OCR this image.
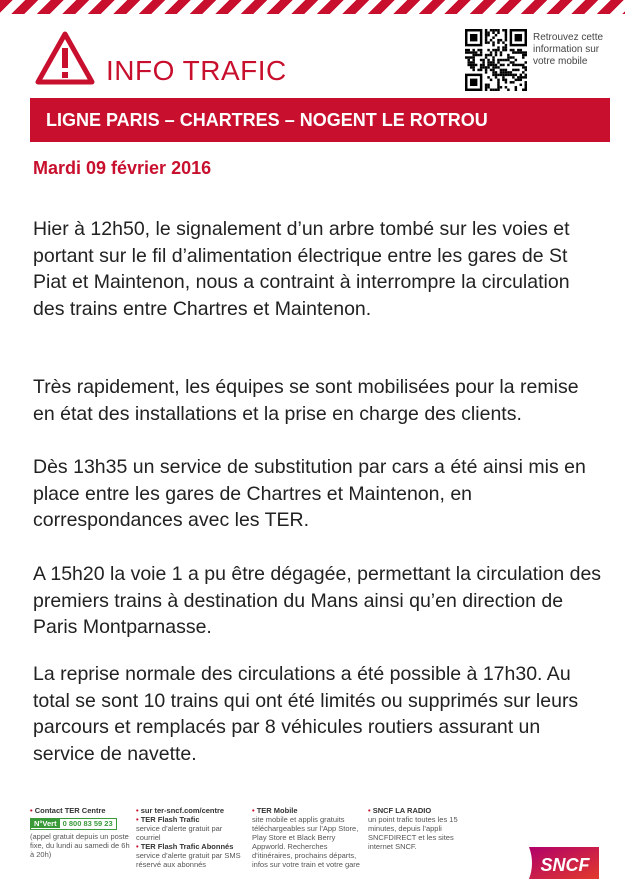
INFO TRAFIC
Retrouvez cette information sur votre mobile
LIGNE PARIS – CHARTRES – NOGENT LE ROTROU
Mardi 09 février 2016
Hier à 12h50, le signalement d’un arbre tombé sur les voies et portant sur le fil d’alimentation électrique entre les gares de St Piat et Maintenon, nous a contraint à interrompre la circulation des trains entre Chartres et Maintenon.
Très rapidement, les équipes se sont mobilisées pour la remise en état des installations et la prise en charge des clients.
Dès 13h35 un service de substitution par cars a été ainsi mis en place entre les gares de Chartres et Maintenon, en correspondances avec les TER.
A 15h20 la voie 1 a pu être dégagée, permettant la circulation des premiers trains à destination du Mans ainsi qu’en direction de Paris Montparnasse.
La reprise normale des circulations a été possible à 17h30. Au total se sont 10 trains qui ont été limités ou supprimés sur leurs parcours et remplacés par 8 véhicules routiers assurant un service de navette.
• Contact TER Centre
N°Vert 0 800 83 59 23
(appel gratuit depuis un poste fixe, du lundi au samedi de 6h à 20h)
• sur ter-sncf.com/centre
• TER Flash Trafic
service d’alerte gratuit par courriel
• TER Flash Trafic Abonnés
service d’alerte gratuit par SMS réservé aux abonnés
• TER Mobile
site mobile et applis gratuits téléchargeables sur l’App Store, Play Store et Black Berry Appworld. Recherches d’itinéraires, prochains départs, infos sur votre train et votre gare
• SNCF LA RADIO
un point trafic toutes les 15 minutes, depuis l’appli SNCFDIRECT et les sites internet SNCF.
SNCF
